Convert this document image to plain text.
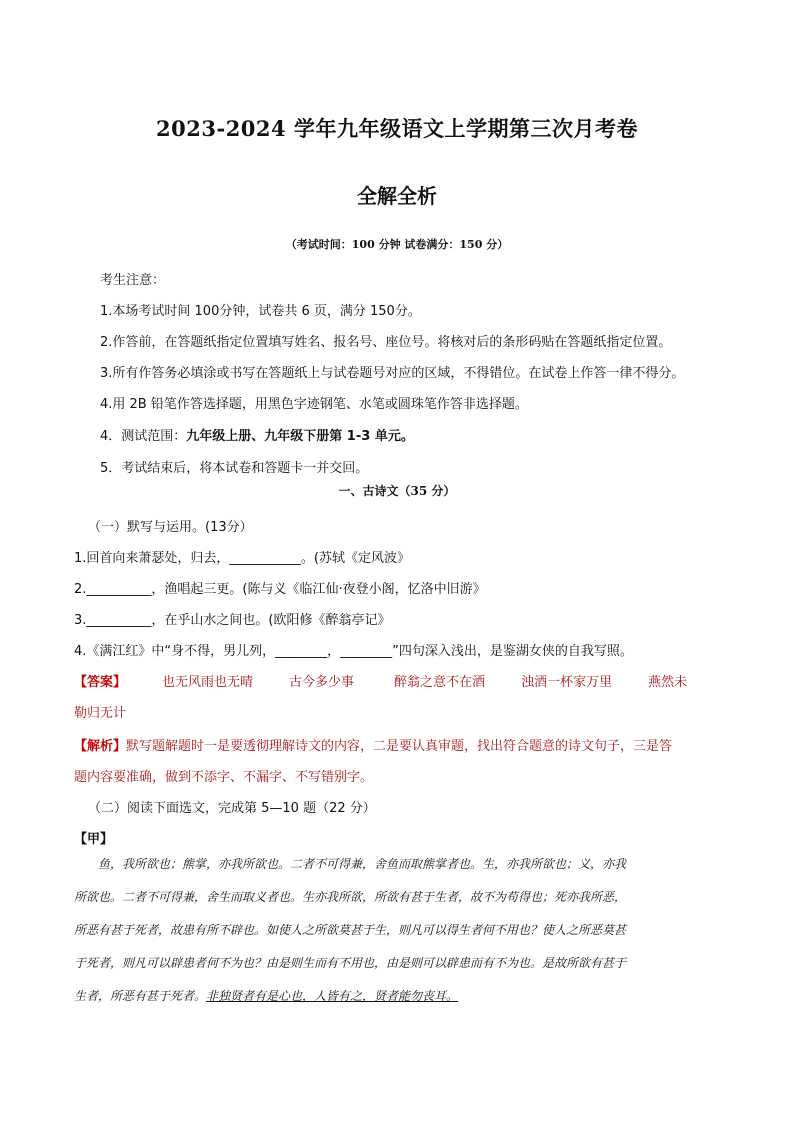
2023-2024 学年九年级语文上学期第三次月考卷
全解全析
（考试时间：100 分钟 试卷满分：150 分）
考生注意：
1.本场考试时间 100分钟，试卷共 6 页，满分 150分。
2.作答前，在答题纸指定位置填写姓名、报名号、座位号。将核对后的条形码贴在答题纸指定位置。
3.所有作答务必填涂或书写在答题纸上与试卷题号对应的区域，不得错位。在试卷上作答一律不得分。
4.用 2B 铅笔作答选择题，用黑色字迹钢笔、水笔或圆珠笔作答非选择题。
4．测试范围：九年级上册、九年级下册第 1-3 单元。
5．考试结束后，将本试卷和答题卡一并交回。
一、古诗文（35 分）
（一）默写与运用。(13分）
1.回首向来萧瑟处，归去，___________。(苏轼《定风波》
2.__________，渔唱起三更。(陈与义《临江仙·夜登小阁，忆洛中旧游》
3.__________，在乎山水之间也。(欧阳修《醉翁亭记》
4.《满江红》中“身不得，男儿列，________，________”四句深入浅出，是鉴湖女侠的自我写照。
【答案】	也无风雨也无晴	古今多少事	醉翁之意不在酒	浊酒一杯家万里	燕然未
勒归无计
【解析】默写题解题时一是要透彻理解诗文的内容，二是要认真审题，找出符合题意的诗文句子，三是答
题内容要准确，做到不添字、不漏字、不写错别字。
（二）阅读下面选文，完成第 5—10 题（22 分）
【甲】

鱼，我所欲也；熊掌，亦我所欲也。二者不可得兼，舍鱼而取熊掌者也。生，亦我所欲也；义，亦我

所欲也。二者不可得兼，舍生而取义者也。生亦我所欲，所欲有甚于生者，故不为苟得也；死亦我所恶，
所恶有甚于死者，故患有所不辟也。如使人之所欲莫甚于生，则凡可以得生者何不用也？使人之所恶莫甚
于死者，则凡可以辟患者何不为也？由是则生而有不用也，由是则可以辟患而有不为也。是故所欲有甚于
生者，所恶有甚于死者。非独贤者有是心也，人皆有之，贤者能勿丧耳。
